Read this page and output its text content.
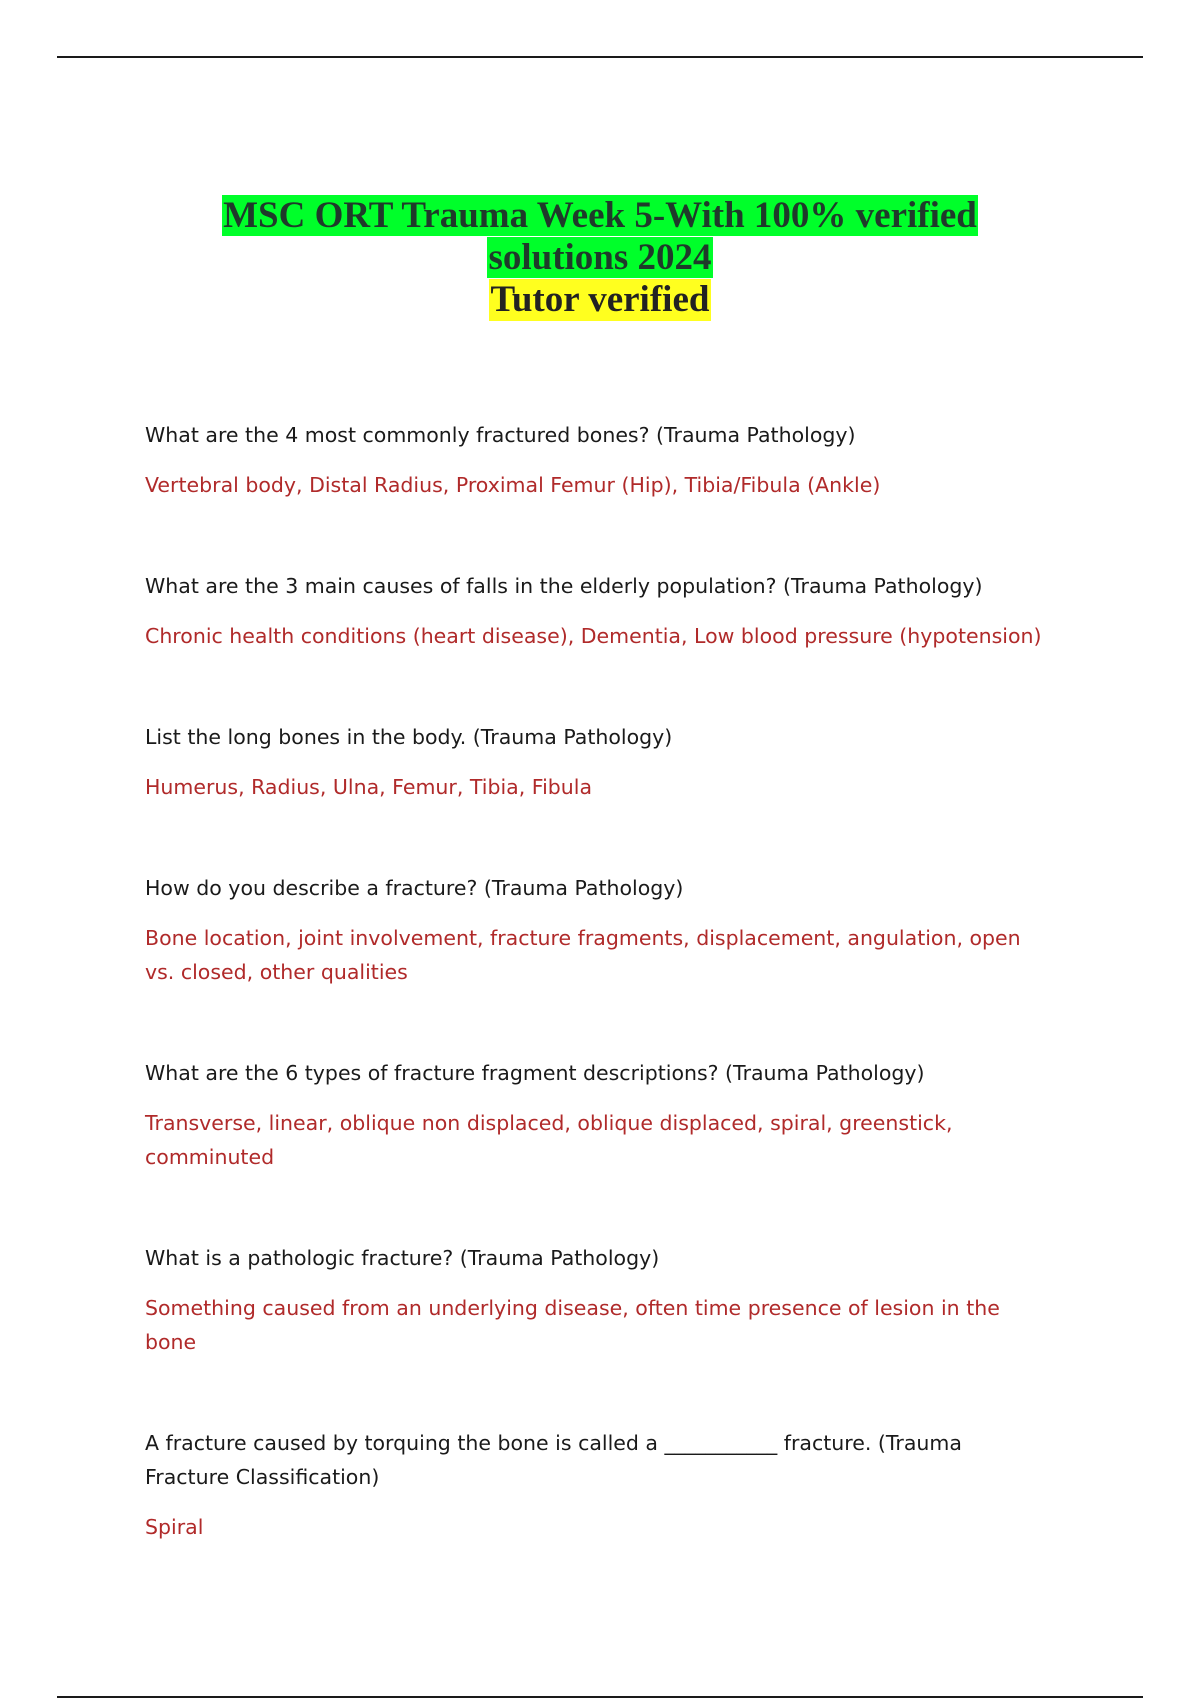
MSC ORT Trauma Week 5-With 100% verified
solutions 2024
Tutor verified

What are the 4 most commonly fractured bones? (Trauma Pathology)

Vertebral body, Distal Radius, Proximal Femur (Hip), Tibia/Fibula (Ankle)

What are the 3 main causes of falls in the elderly population? (Trauma Pathology)

Chronic health conditions (heart disease), Dementia, Low blood pressure (hypotension)

List the long bones in the body. (Trauma Pathology)

Humerus, Radius, Ulna, Femur, Tibia, Fibula

How do you describe a fracture? (Trauma Pathology)

Bone location, joint involvement, fracture fragments, displacement, angulation, open vs. closed, other qualities

What are the 6 types of fracture fragment descriptions? (Trauma Pathology)

Transverse, linear, oblique non displaced, oblique displaced, spiral, greenstick, comminuted

What is a pathologic fracture? (Trauma Pathology)

Something caused from an underlying disease, often time presence of lesion in the bone

A fracture caused by torquing the bone is called a ___________ fracture. (Trauma Fracture Classification)

Spiral
